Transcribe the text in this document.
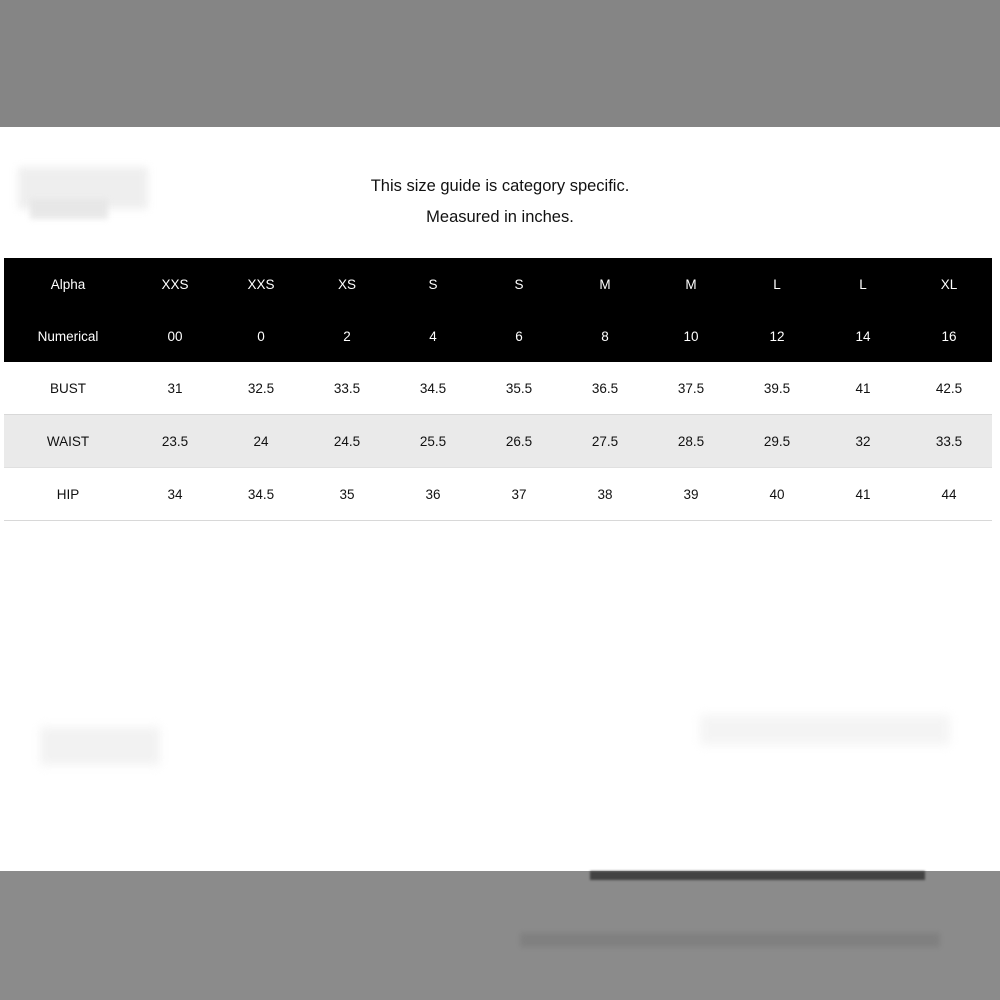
This size guide is category specific.
Measured in inches.
Alpha	XXS	XXS	XS	S	S	M	M	L	L	XL
Numerical	00	0	2	4	6	8	10	12	14	16
BUST	31	32.5	33.5	34.5	35.5	36.5	37.5	39.5	41	42.5
WAIST	23.5	24	24.5	25.5	26.5	27.5	28.5	29.5	32	33.5
HIP	34	34.5	35	36	37	38	39	40	41	44
